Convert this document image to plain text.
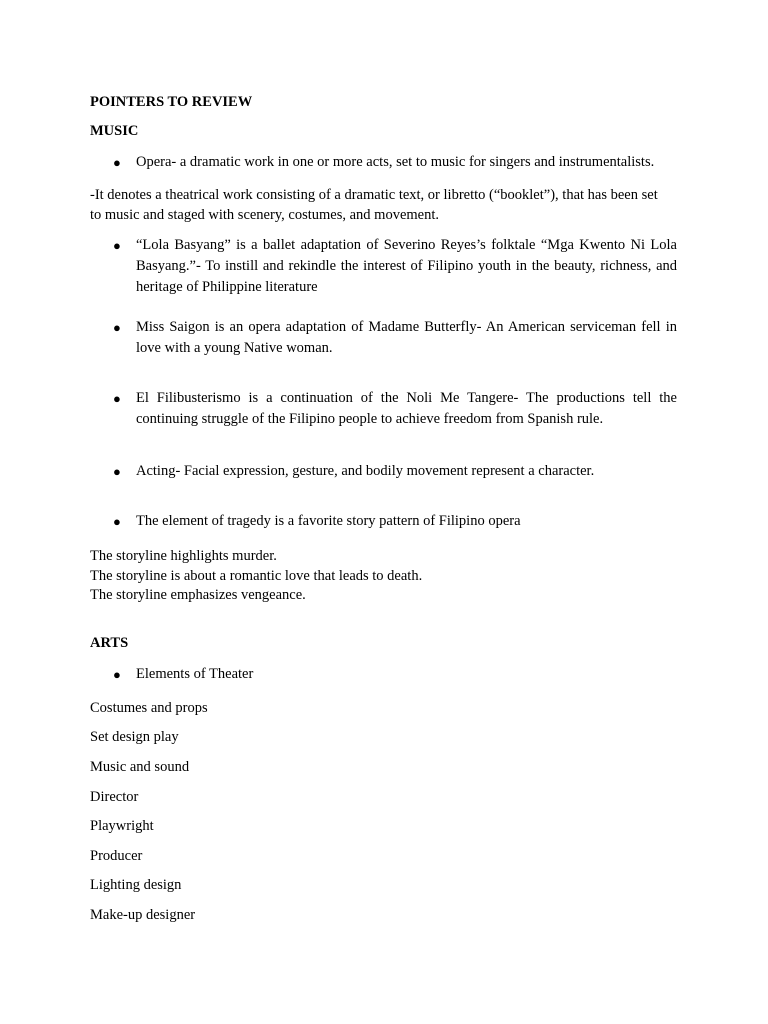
POINTERS TO REVIEW
MUSIC
● Opera- a dramatic work in one or more acts, set to music for singers and instrumentalists.
-It denotes a theatrical work consisting of a dramatic text, or libretto (“booklet”), that has been set to music and staged with scenery, costumes, and movement.
● “Lola Basyang” is a ballet adaptation of Severino Reyes’s folktale “Mga Kwento Ni Lola Basyang.”- To instill and rekindle the interest of Filipino youth in the beauty, richness, and heritage of Philippine literature
● Miss Saigon is an opera adaptation of Madame Butterfly- An American serviceman fell in love with a young Native woman.
● El Filibusterismo is a continuation of the Noli Me Tangere- The productions tell the continuing struggle of the Filipino people to achieve freedom from Spanish rule.
● Acting- Facial expression, gesture, and bodily movement represent a character.
● The element of tragedy is a favorite story pattern of Filipino opera
The storyline highlights murder.
The storyline is about a romantic love that leads to death.
The storyline emphasizes vengeance.
ARTS
● Elements of Theater
Costumes and props
Set design play
Music and sound
Director
Playwright
Producer
Lighting design
Make-up designer
